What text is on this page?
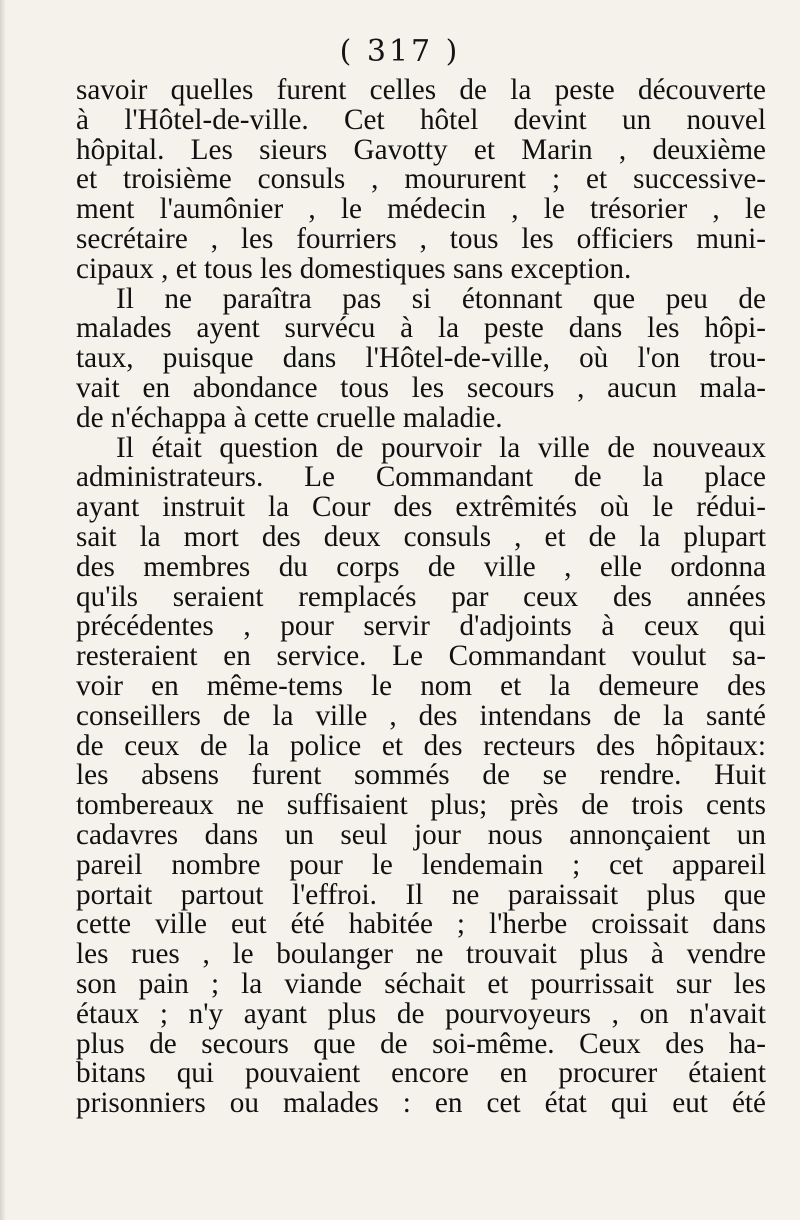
( 317 )
savoir quelles furent celles de la peste découverte
à l'Hôtel-de-ville. Cet hôtel devint un nouvel
hôpital. Les sieurs Gavotty et Marin , deuxième
et troisième consuls , moururent ; et successive-
ment l'aumônier , le médecin , le trésorier , le
secrétaire , les fourriers , tous les officiers muni-
cipaux , et tous les domestiques sans exception.
Il ne paraîtra pas si étonnant que peu de
malades ayent survécu à la peste dans les hôpi-
taux, puisque dans l'Hôtel-de-ville, où l'on trou-
vait en abondance tous les secours , aucun mala-
de n'échappa à cette cruelle maladie.
Il était question de pourvoir la ville de nouveaux
administrateurs. Le Commandant de la place
ayant instruit la Cour des extrêmités où le rédui-
sait la mort des deux consuls , et de la plupart
des membres du corps de ville , elle ordonna
qu'ils seraient remplacés par ceux des années
précédentes , pour servir d'adjoints à ceux qui
resteraient en service. Le Commandant voulut sa-
voir en même-tems le nom et la demeure des
conseillers de la ville , des intendans de la santé
de ceux de la police et des recteurs des hôpitaux:
les absens furent sommés de se rendre. Huit
tombereaux ne suffisaient plus; près de trois cents
cadavres dans un seul jour nous annonçaient un
pareil nombre pour le lendemain ; cet appareil
portait partout l'effroi. Il ne paraissait plus que
cette ville eut été habitée ; l'herbe croissait dans
les rues , le boulanger ne trouvait plus à vendre
son pain ; la viande séchait et pourrissait sur les
étaux ; n'y ayant plus de pourvoyeurs , on n'avait
plus de secours que de soi-même. Ceux des ha-
bitans qui pouvaient encore en procurer étaient
prisonniers ou malades : en cet état qui eut été
